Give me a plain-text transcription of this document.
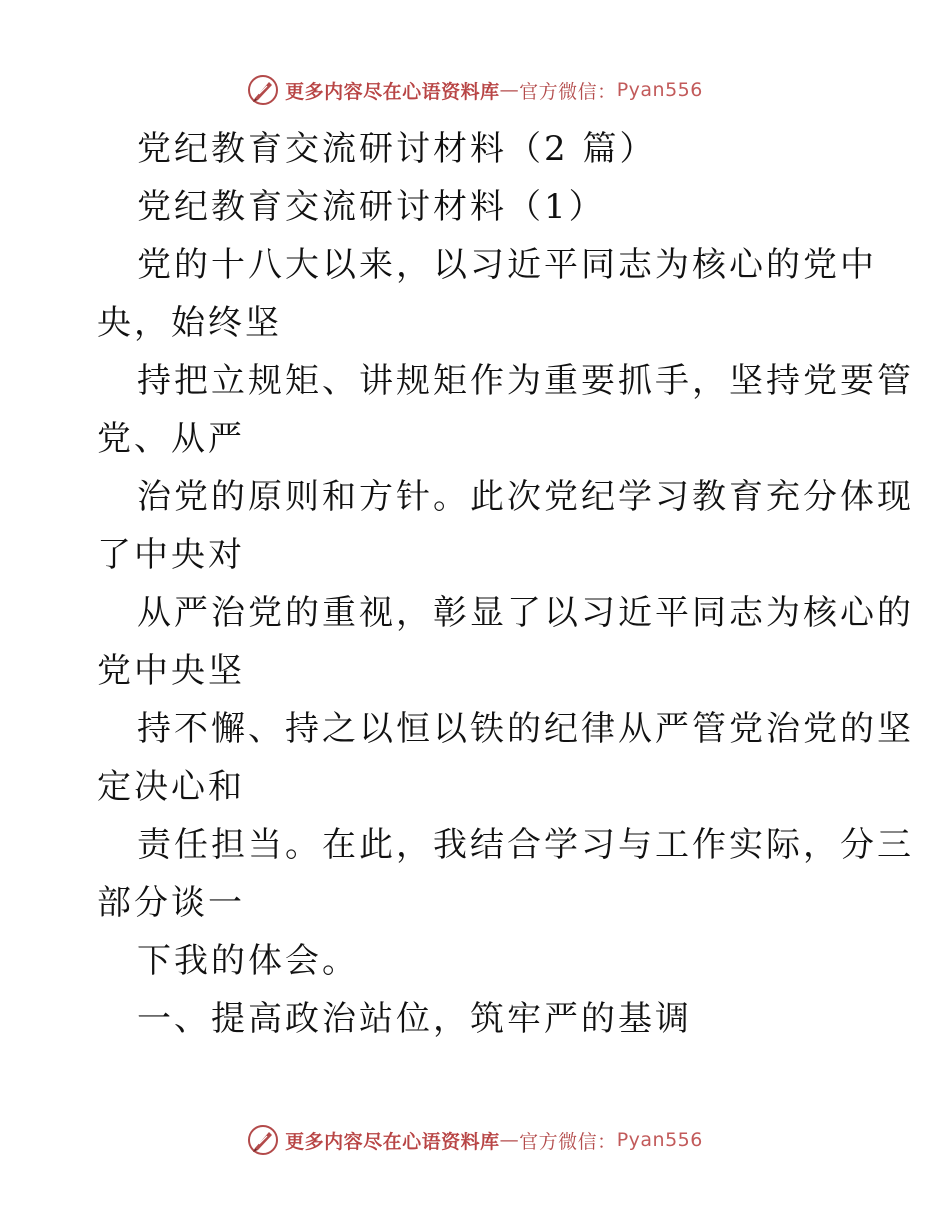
更多内容尽在心语资料库 — 官方微信： Pyan556
党纪教育交流研讨材料（2 篇）
党纪教育交流研讨材料（1）
党的十八大以来，以习近平同志为核心的党中
央，始终坚
持把立规矩、讲规矩作为重要抓手，坚持党要管
党、从严
治党的原则和方针。此次党纪学习教育充分体现
了中央对
从严治党的重视，彰显了以习近平同志为核心的
党中央坚
持不懈、持之以恒以铁的纪律从严管党治党的坚
定决心和
责任担当。在此，我结合学习与工作实际，分三
部分谈一
下我的体会。
一、提高政治站位，筑牢严的基调
更多内容尽在心语资料库 — 官方微信： Pyan556
